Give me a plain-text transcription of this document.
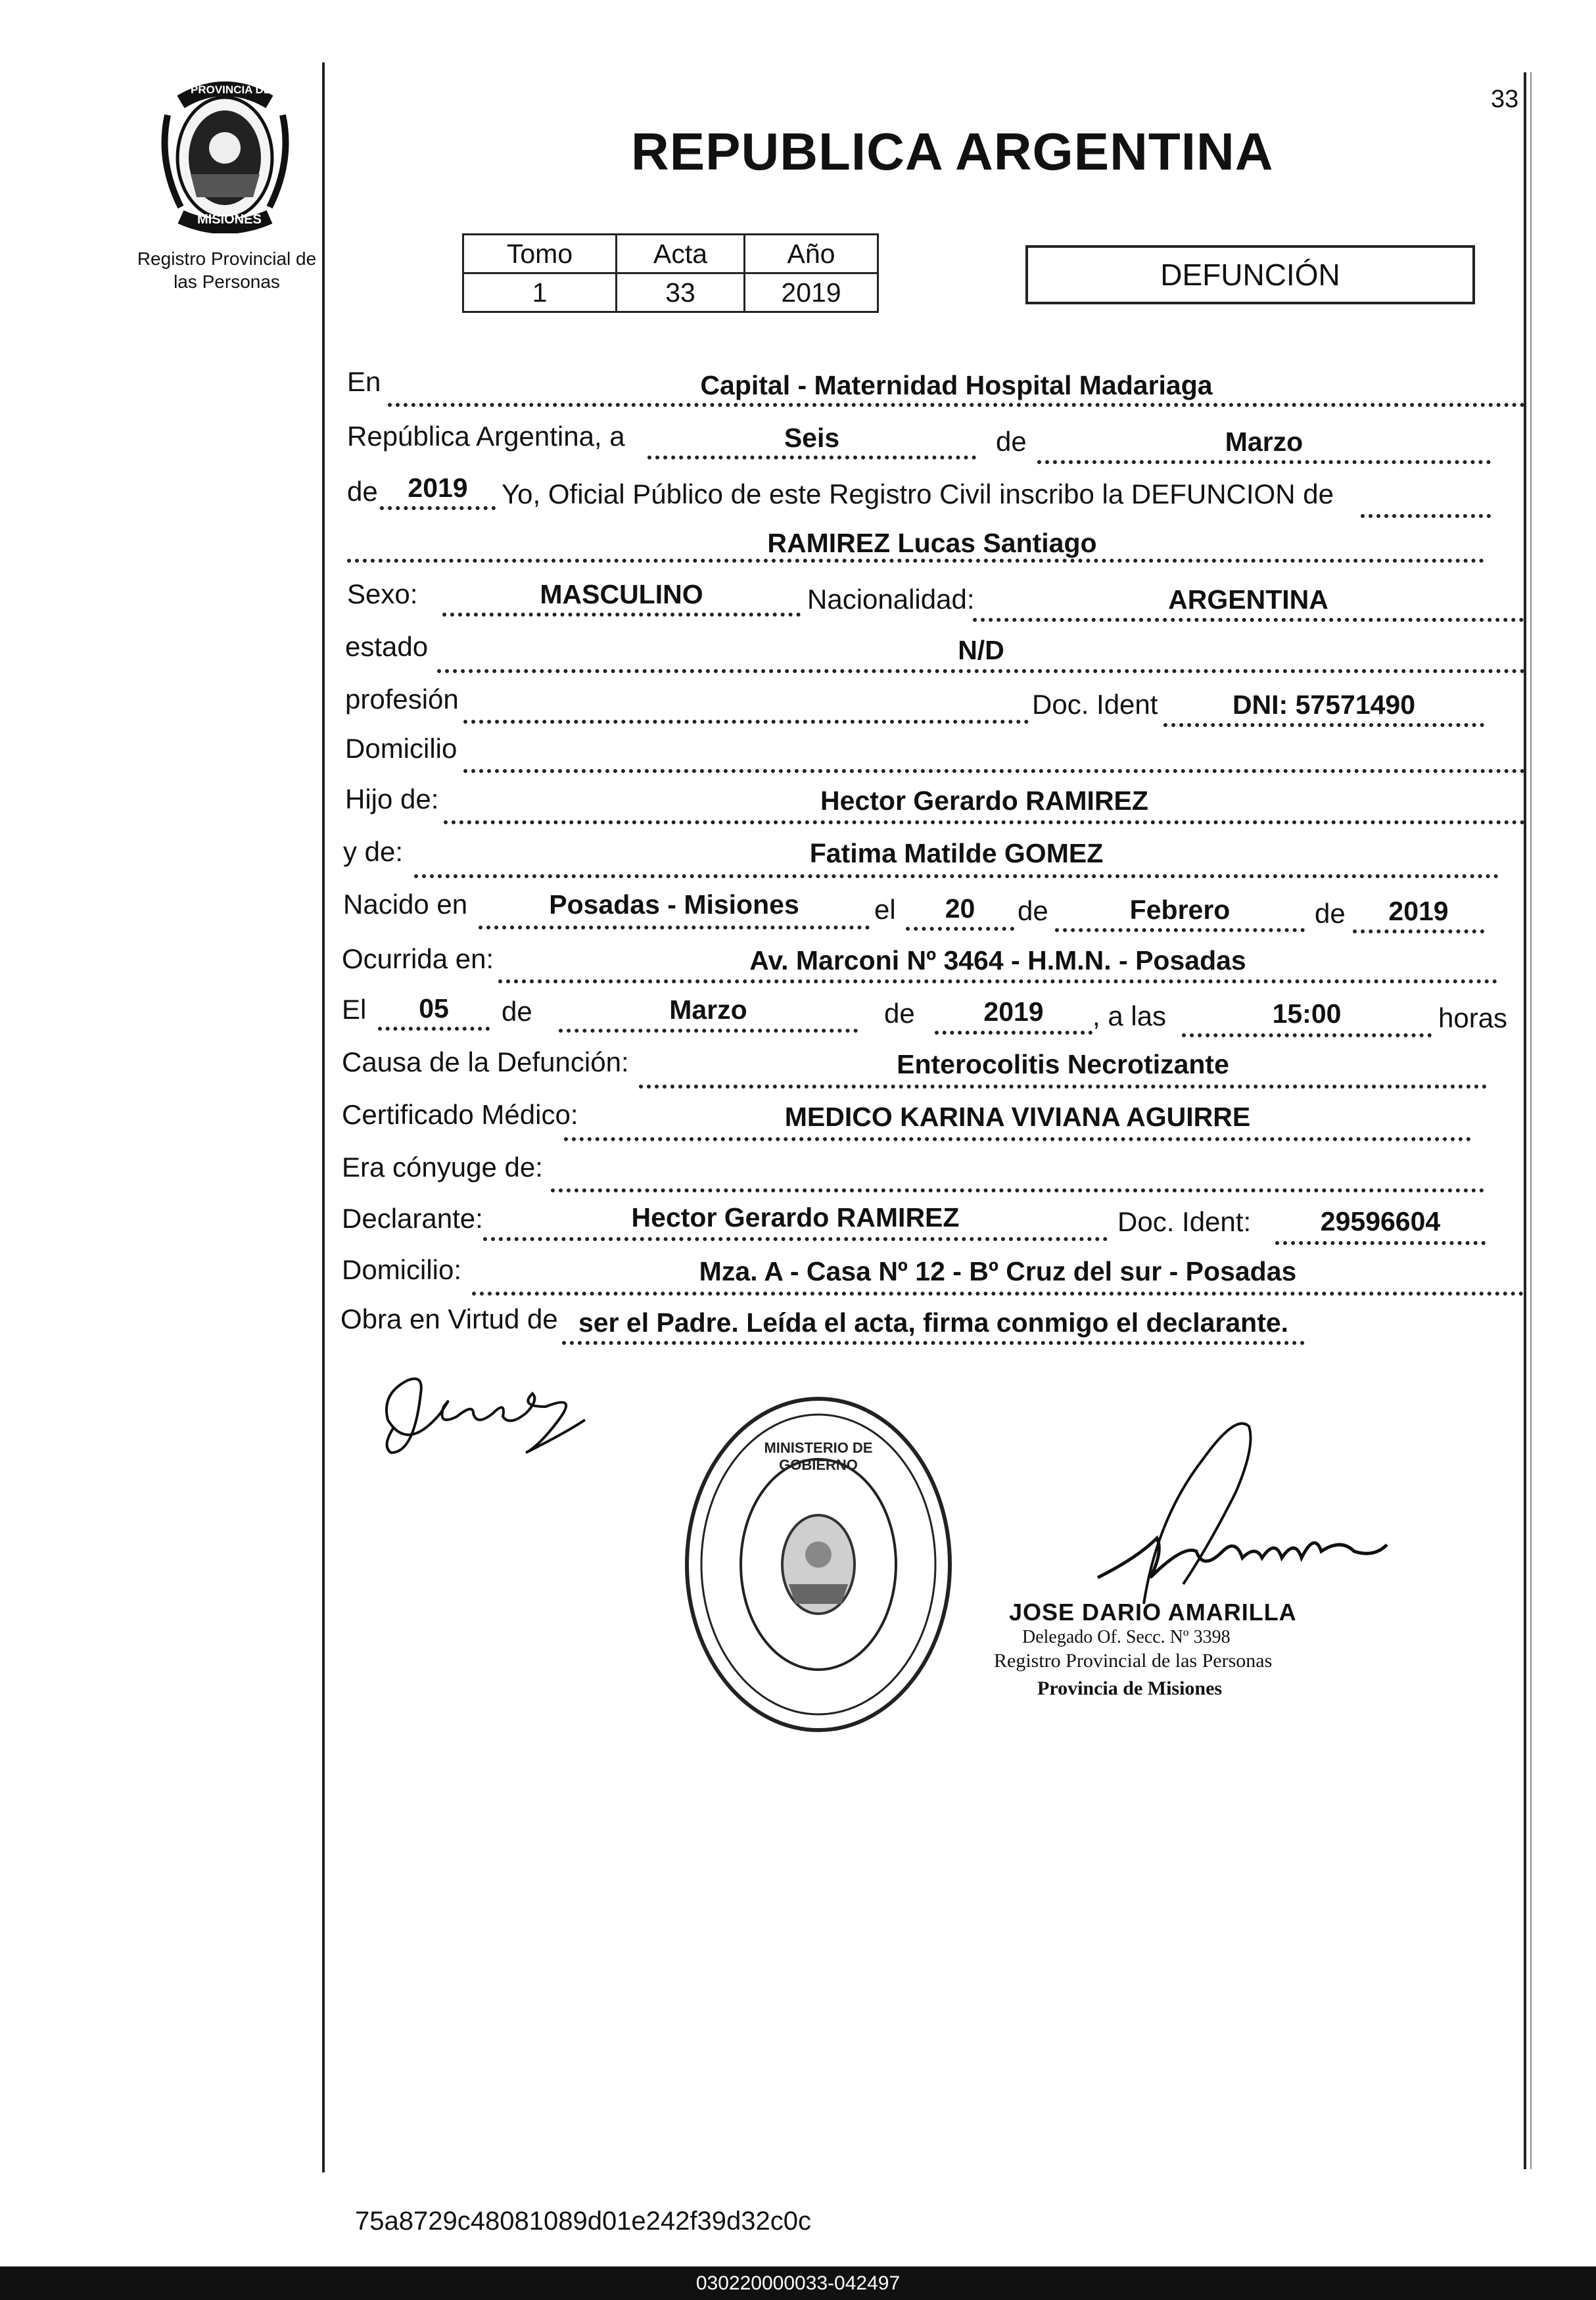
33
PROVINCIA DE
MISIONES
Registro Provincial de
las Personas
REPUBLICA ARGENTINA
Tomo	Acta	Año
1	33	2019
DEFUNCIÓN
En	Capital - Maternidad Hospital Madariaga
República Argentina, a	Seis	de	Marzo
de	2019	Yo, Oficial Público de este Registro Civil inscribo la DEFUNCION de
RAMIREZ Lucas Santiago
Sexo:	MASCULINO	Nacionalidad:	ARGENTINA
estado	N/D
profesión	Doc. Ident	DNI: 57571490
Domicilio
Hijo de:	Hector Gerardo RAMIREZ
y de:	Fatima Matilde GOMEZ
Nacido en	Posadas - Misiones	el	20	de	Febrero	de	2019
Ocurrida en:	Av. Marconi Nº 3464 - H.M.N. - Posadas
El	05	de	Marzo	de	2019	, a las	15:00	horas
Causa de la Defunción:	Enterocolitis Necrotizante
Certificado Médico:	MEDICO KARINA VIVIANA AGUIRRE
Era cónyuge de:
Declarante:	Hector Gerardo RAMIREZ	Doc. Ident:	29596604
Domicilio:	Mza. A - Casa Nº 12 - Bº Cruz del sur - Posadas
Obra en Virtud de ser el Padre. Leída el acta, firma conmigo el declarante.
MINISTERIO DE GOBIERNO
JOSE DARIO AMARILLA
Delegado Of. Secc. Nº 3398
Registro Provincial de las Personas
Provincia de Misiones
75a8729c48081089d01e242f39d32c0c
030220000033-042497
